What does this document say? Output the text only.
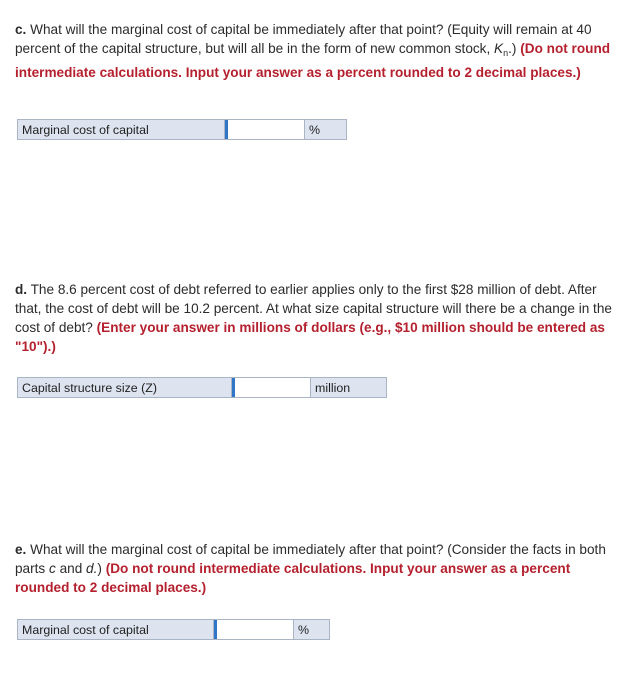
c. What will the marginal cost of capital be immediately after that point? (Equity will remain at 40 percent of the capital structure, but will all be in the form of new common stock, $K_n$.) (Do not round intermediate calculations. Input your answer as a percent rounded to 2 decimal places.)
Marginal cost of capital	%
d. The 8.6 percent cost of debt referred to earlier applies only to the first $28 million of debt. After that, the cost of debt will be 10.2 percent. At what size capital structure will there be a change in the cost of debt? (Enter your answer in millions of dollars (e.g., $10 million should be entered as "10").)
Capital structure size (Z)	million
e. What will the marginal cost of capital be immediately after that point? (Consider the facts in both parts c and d.) (Do not round intermediate calculations. Input your answer as a percent rounded to 2 decimal places.)
Marginal cost of capital	%
